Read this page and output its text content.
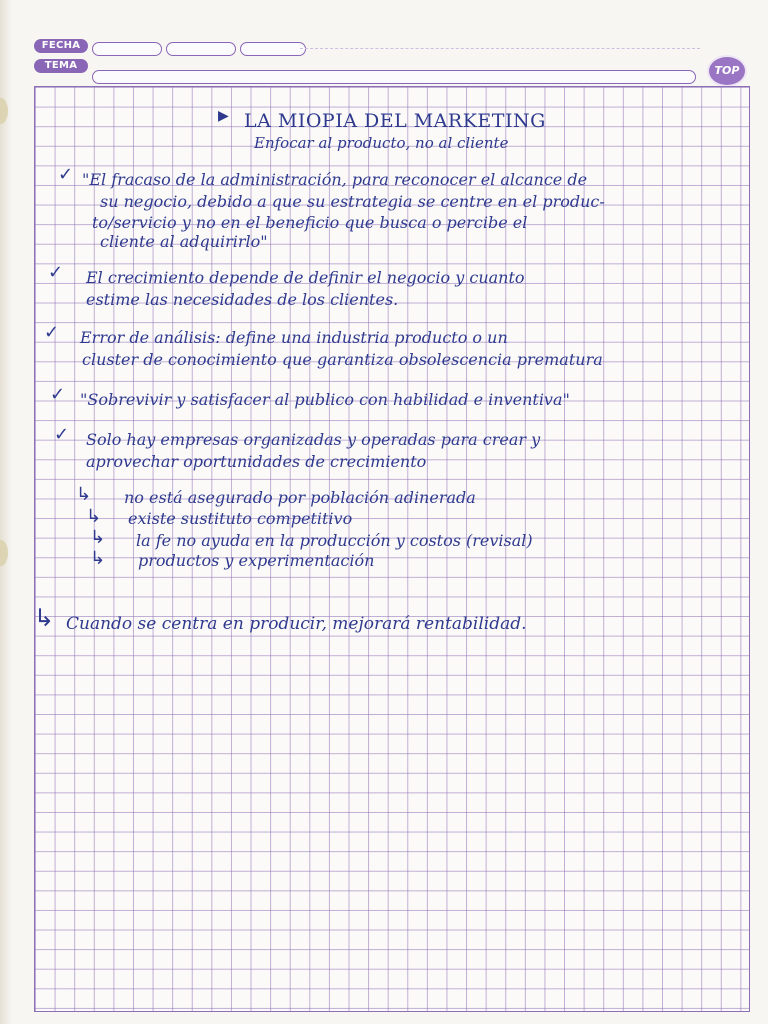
FECHA
TEMA	TOP
▶ LA MIOPIA DEL MARKETING

Enfocar al producto, no al cliente

✓ "El fracaso de la administración, para reconocer el alcance de

su negocio, debido a que su estrategia se centre en el produc-

to/servicio y no en el beneficio que busca o percibe el

cliente al adquirirlo"

✓ El crecimiento depende de definir el negocio y cuanto

estime las necesidades de los clientes.

✓ Error de análisis: define una industria producto o un

cluster de conocimiento que garantiza obsolescencia prematura

✓ "Sobrevivir y satisfacer al publico con habilidad e inventiva"

✓ Solo hay empresas organizadas y operadas para crear y

aprovechar oportunidades de crecimiento

↳ no está asegurado por población adinerada

↳ existe sustituto competitivo

↳ la fe no ayuda en la producción y costos (revisal)

↳ productos y experimentación

↳ Cuando se centra en producir, mejorará rentabilidad.
